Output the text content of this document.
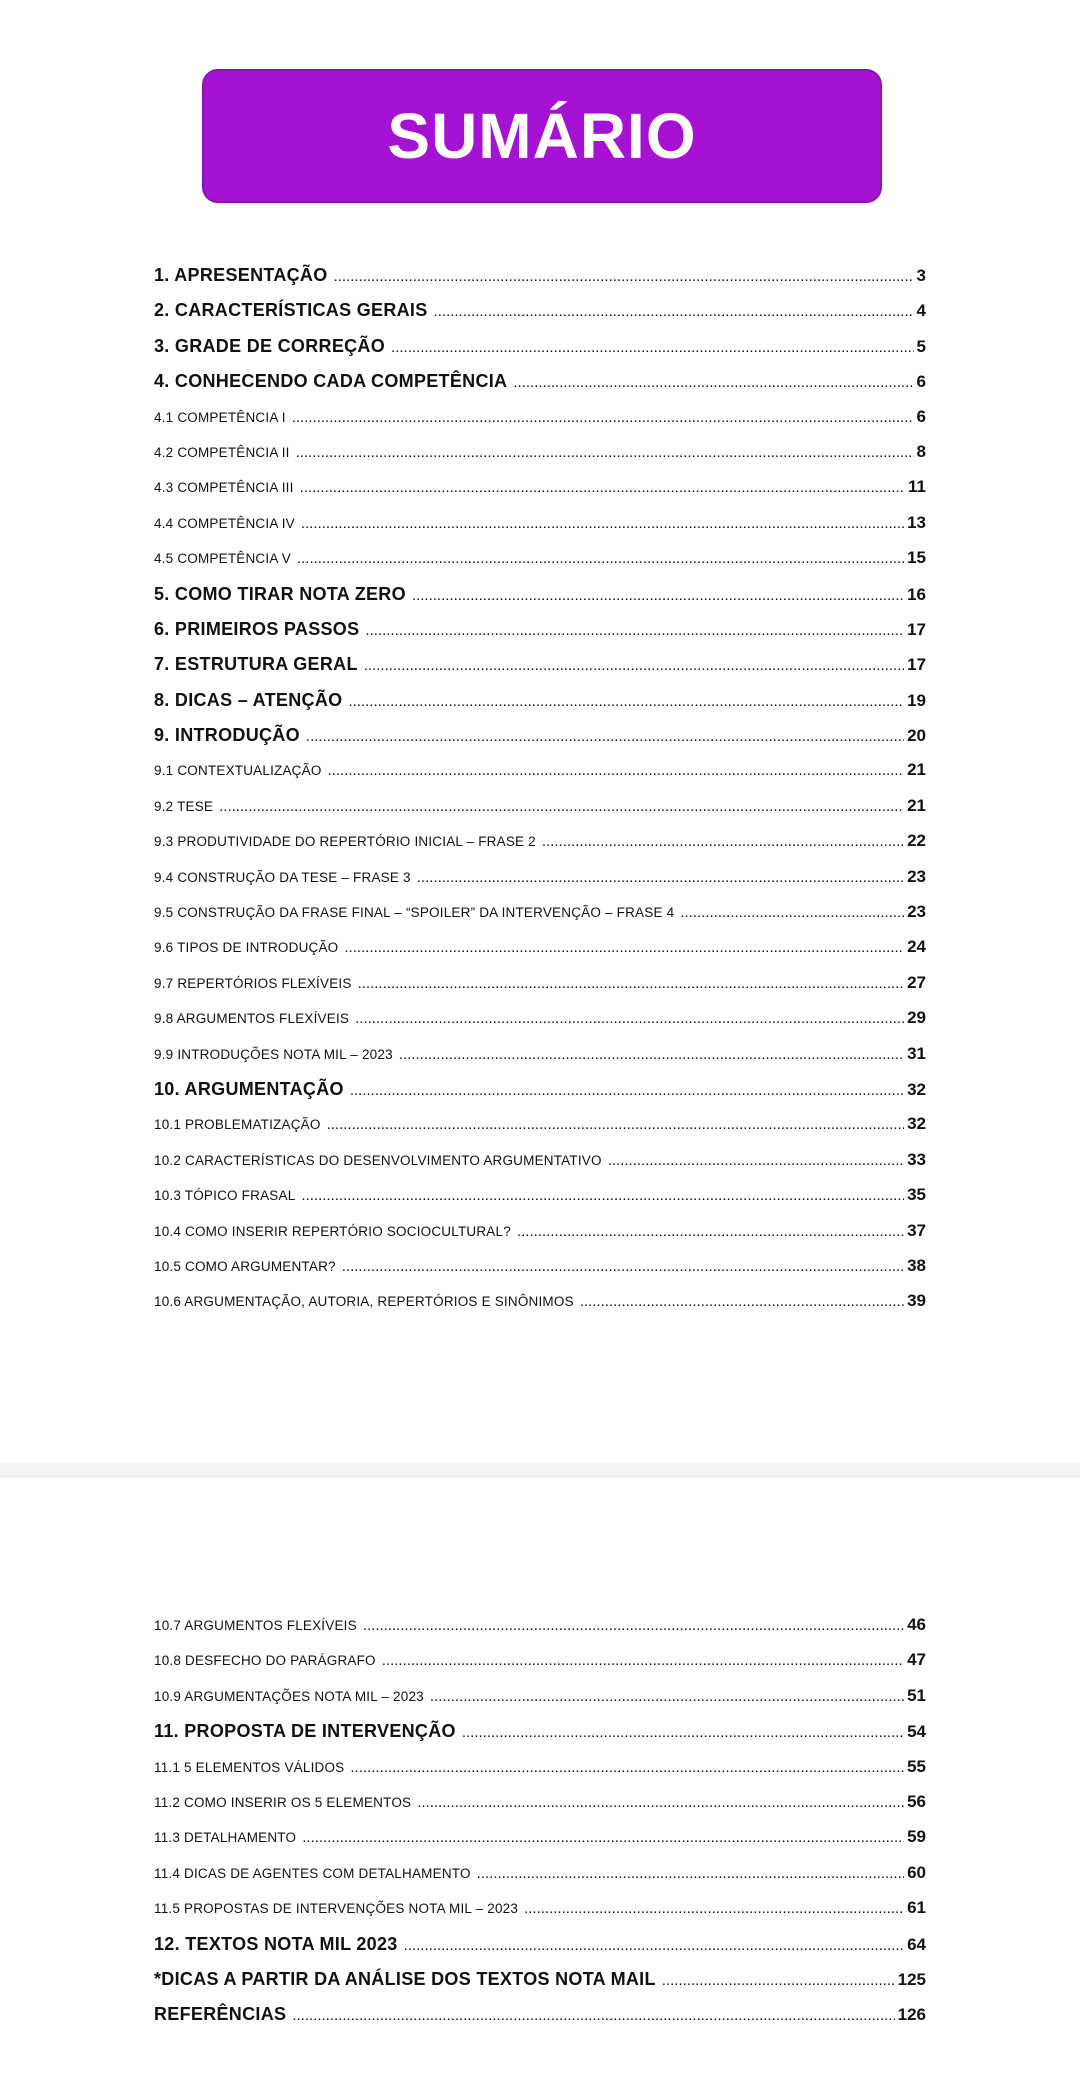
SUMÁRIO
1. APRESENTAÇÃO .....	3
2. CARACTERÍSTICAS GERAIS .....	4
3. GRADE DE CORREÇÃO .....	5
4. CONHECENDO CADA COMPETÊNCIA .....	6
4.1 COMPETÊNCIA I .....	6
4.2 COMPETÊNCIA II .....	8
4.3 COMPETÊNCIA III .....	11
4.4 COMPETÊNCIA IV .....	13
4.5 COMPETÊNCIA V .....	15
5. COMO TIRAR NOTA ZERO .....	16
6. PRIMEIROS PASSOS .....	17
7. ESTRUTURA GERAL .....	17
8. DICAS – ATENÇÃO .....	19
9. INTRODUÇÃO .....	20
9.1 CONTEXTUALIZAÇÃO .....	21
9.2 TESE .....	21
9.3 PRODUTIVIDADE DO REPERTÓRIO INICIAL – FRASE 2 .....	22
9.4 CONSTRUÇÃO DA TESE – FRASE 3 .....	23
9.5 CONSTRUÇÃO DA FRASE FINAL – “SPOILER” DA INTERVENÇÃO – FRASE 4 .....	23
9.6 TIPOS DE INTRODUÇÃO .....	24
9.7 REPERTÓRIOS FLEXÍVEIS .....	27
9.8 ARGUMENTOS FLEXÍVEIS .....	29
9.9 INTRODUÇÕES NOTA MIL – 2023 .....	31
10. ARGUMENTAÇÃO .....	32
10.1 PROBLEMATIZAÇÃO .....	32
10.2 CARACTERÍSTICAS DO DESENVOLVIMENTO ARGUMENTATIVO .....	33
10.3 TÓPICO FRASAL .....	35
10.4 COMO INSERIR REPERTÓRIO SOCIOCULTURAL? .....	37
10.5 COMO ARGUMENTAR? .....	38
10.6 ARGUMENTAÇÃO, AUTORIA, REPERTÓRIOS E SINÔNIMOS .....	39
10.7 ARGUMENTOS FLEXÍVEIS .....	46
10.8 DESFECHO DO PARÁGRAFO .....	47
10.9 ARGUMENTAÇÕES NOTA MIL – 2023 .....	51
11. PROPOSTA DE INTERVENÇÃO .....	54
11.1 5 ELEMENTOS VÁLIDOS .....	55
11.2 COMO INSERIR OS 5 ELEMENTOS .....	56
11.3 DETALHAMENTO .....	59
11.4 DICAS DE AGENTES COM DETALHAMENTO .....	60
11.5 PROPOSTAS DE INTERVENÇÕES NOTA MIL – 2023 .....	61
12. TEXTOS NOTA MIL 2023 .....	64
*DICAS A PARTIR DA ANÁLISE DOS TEXTOS NOTA MAIL .....	125
REFERÊNCIAS .....	126
